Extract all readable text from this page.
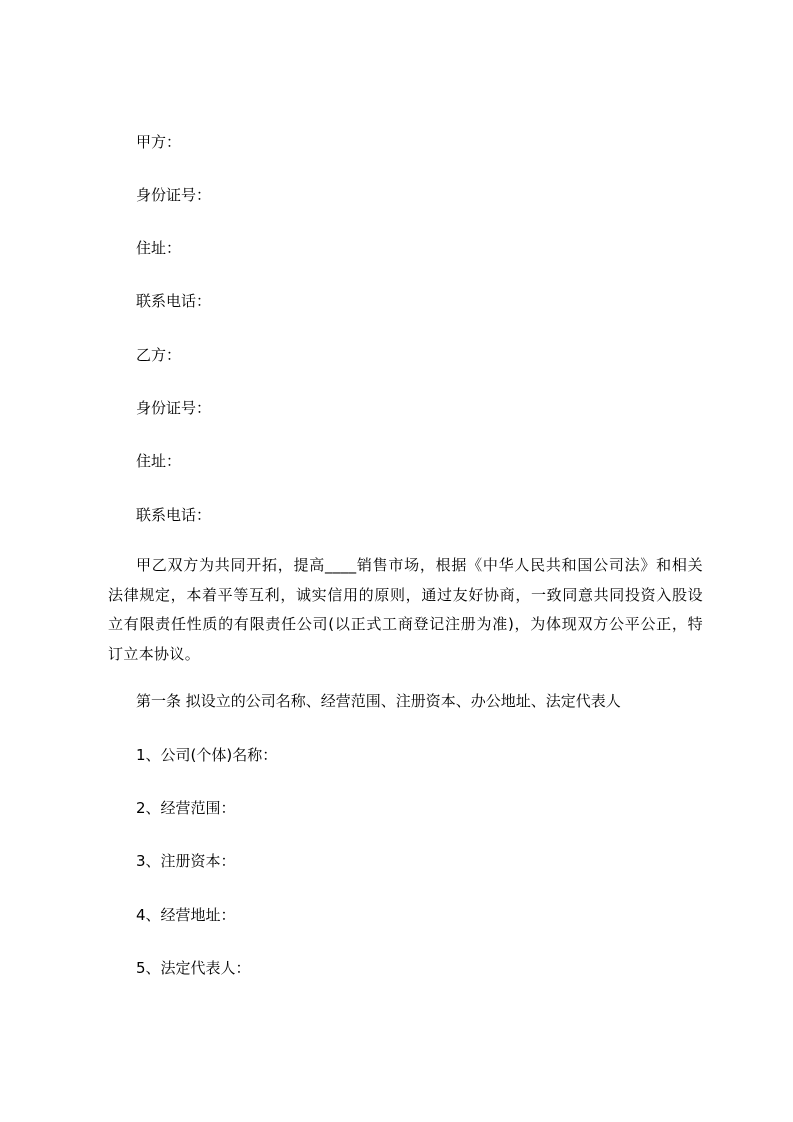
甲方：
身份证号：
住址：
联系电话：
乙方：
身份证号：
住址：
联系电话：
甲乙双方为共同开拓，提高____销售市场，根据《中华人民共和国公司法》和相关法律规定，本着平等互利，诚实信用的原则，通过友好协商，一致同意共同投资入股设立有限责任性质的有限责任公司(以正式工商登记注册为准)，为体现双方公平公正，特订立本协议。
第一条 拟设立的公司名称、经营范围、注册资本、办公地址、法定代表人
1、公司(个体)名称：
2、经营范围：
3、注册资本：
4、经营地址：
5、法定代表人：
